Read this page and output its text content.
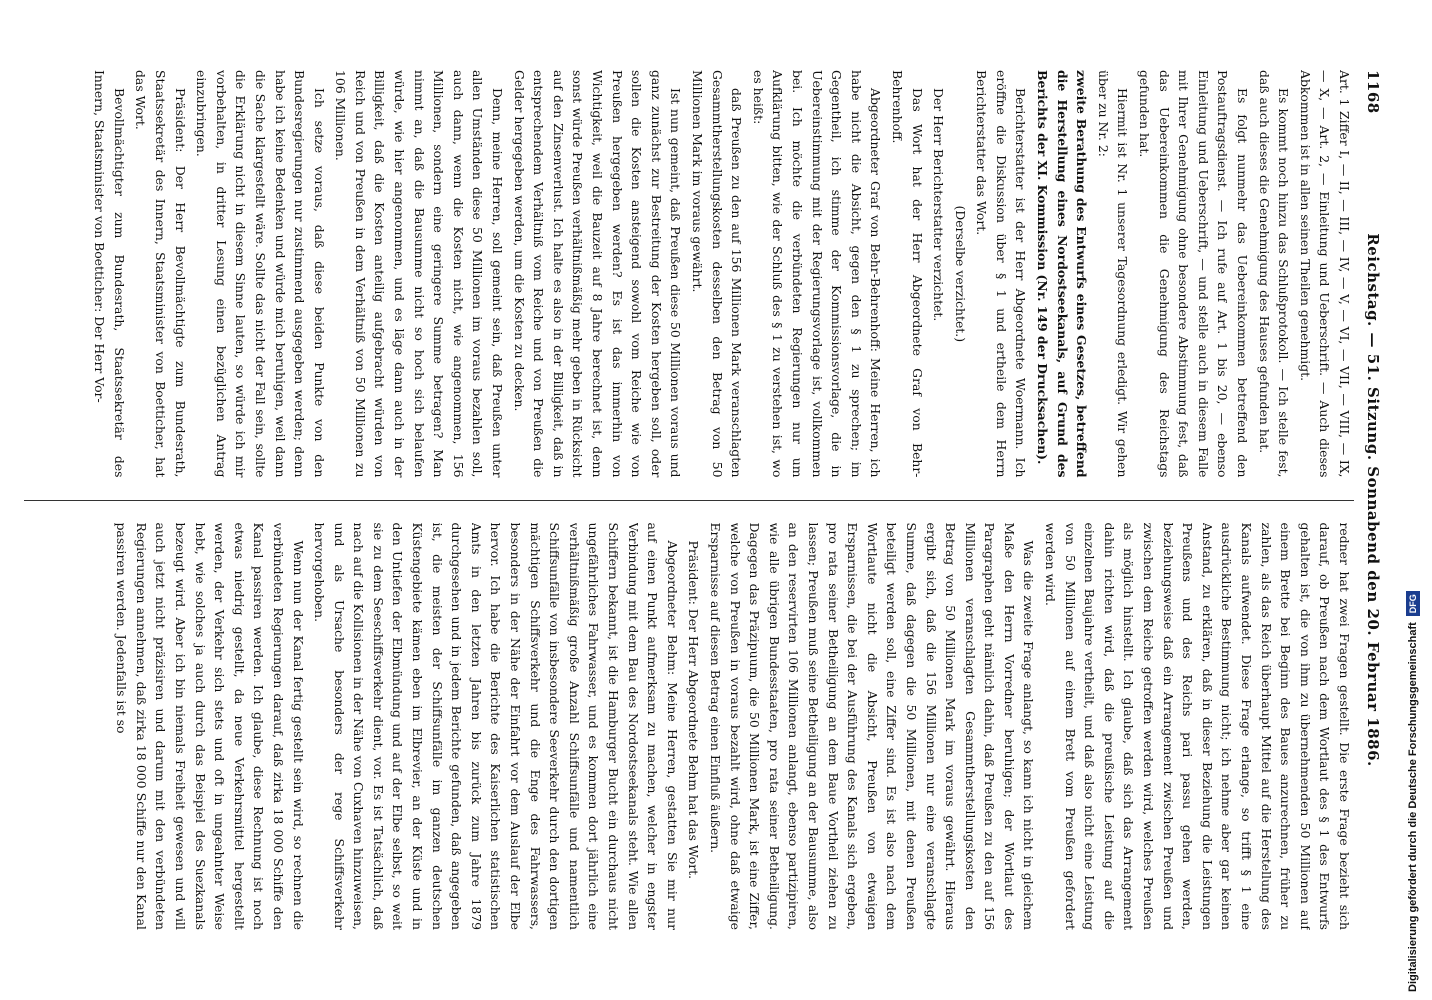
1168
Reichstag. — 51. Sitzung. Sonnabend den 20. Februar 1886.

Art. 1 Ziffer I, — II, — III, — IV, — V, — VI, — VII, — VIII, — IX, — X, — Art. 2, — Einleitung und Ueberschrift. — Auch dieses Abkommen ist in allen seinen Theilen genehmigt.

Es kommt noch hinzu das Schlußprotokoll. — Ich stelle fest, daß auch dieses die Genehmigung des Hauses gefunden hat.

Es folgt nunmehr das Uebereinkommen betreffend den Postauftragsdienst. — Ich rufe auf Art. 1 bis 20, — ebenso Einleitung und Ueberschrift, — und stelle auch in diesem Falle mit Ihrer Genehmigung ohne besondere Abstimmung fest, daß das Uebereinkommen die Genehmigung des Reichstags gefunden hat.

Hiermit ist Nr. 1 unserer Tagesordnung erledigt. Wir gehen über zu Nr. 2:

zweite Berathung des Entwurfs eines Gesetzes, betreffend die Herstellung eines Nordostseekanals, auf Grund des Berichts der XI. Kommission (Nr. 149 der Drucksachen).

Berichterstatter ist der Herr Abgeordnete Woermann. Ich eröffne die Diskussion über § 1 und ertheile dem Herrn Berichterstatter das Wort.

(Derselbe verzichtet.)

Der Herr Berichterstatter verzichtet.

Das Wort hat der Herr Abgeordnete Graf von Behr-Behrenhoff.

Abgeordneter Graf von Behr-Behrenhoff: Meine Herren, ich habe nicht die Absicht, gegen den § 1 zu sprechen; im Gegentheil, ich stimme der Kommissionsvorlage, die in Uebereinstimmung mit der Regierungsvorlage ist, vollkommen bei. Ich möchte die verbündeten Regierungen nur um Aufklärung bitten, wie der Schluß des § 1 zu verstehen ist, wo es heißt:

daß Preußen zu den auf 156 Millionen Mark veranschlagten Gesammtherstellungskosten desselben den Betrag von 50 Millionen Mark im voraus gewährt.

Ist nun gemeint, daß Preußen diese 50 Millionen voraus und ganz zunächst zur Bestreitung der Kosten hergeben soll, oder sollen die Kosten ansteigend sowohl vom Reiche wie von Preußen hergegeben werden? Es ist das immerhin von Wichtigkeit, weil die Bauzeit auf 8 Jahre berechnet ist, denn sonst würde Preußen verhältnißmäßig mehr geben in Rücksicht auf den Zinsenverlust. Ich halte es also in der Billigkeit, daß in entsprechendem Verhältniß vom Reiche und von Preußen die Gelder hergegeben werden, um die Kosten zu decken.

Denn, meine Herren, soll gemeint sein, daß Preußen unter allen Umständen diese 50 Millionen im voraus bezahlen soll, auch dann, wenn die Kosten nicht, wie angenommen, 156 Millionen, sondern eine geringere Summe betragen? Man nimmt an, daß die Bausumme nicht so hoch sich belaufen würde, wie hier angenommen, und es läge dann auch in der Billigkeit, daß die Kosten anteilig aufgebracht würden von Reich und von Preußen in dem Verhältniß von 50 Millionen zu 106 Millionen.

Ich setze voraus, daß diese beiden Punkte von den Bundesregierungen nur zustimmend ausgegeben werden; denn habe ich keine Bedenken und würde mich beruhigen, weil dann die Sache klargestellt wäre. Sollte das nicht der Fall sein, sollte die Erklärung nicht in diesem Sinne lauten, so würde ich mir vorbehalten, in dritter Lesung einen bezüglichen Antrag einzubringen.

Präsident: Der Herr Bevollmächtigte zum Bundesrath, Staatssekretär des Innern, Staatsminister von Boetticher, hat das Wort.

Bevollmächtigter zum Bundesrath, Staatssekretär des Innern, Staatsminister von Boetticher: Der Herr Vor-

redner hat zwei Fragen gestellt. Die erste Frage bezieht sich darauf, ob Preußen nach dem Wortlaut des § 1 des Entwurfs gehalten ist, die von ihm zu übernehmenden 50 Millionen auf einem Brette bei Beginn des Baues anzurechnen, früher zu zahlen, als das Reich überhaupt Mittel auf die Herstellung des Kanals aufwendet. Diese Frage erlange, so trifft § 1 eine ausdrückliche Bestimmung nicht; ich nehme aber gar keinen Anstand, zu erklären, daß in dieser Beziehung die Leistungen Preußens und des Reichs pari passu gehen werden, beziehungsweise daß ein Arrangement zwischen Preußen und zwischen dem Reiche getroffen werden wird, welches Preußen als möglich hinstellt. Ich glaube, daß sich das Arrangement dahin richten wird, daß die preußische Leistung auf die einzelnen Baujahre vertheilt, und daß also nicht eine Leistung von 50 Millionen auf einem Brett vom Preußen gefordert werden wird.

Was die zweite Frage anlangt, so kann ich nicht in gleichem Maße den Herrn Vorredner beruhigen; der Wortlaut des Paragraphen geht nämlich dahin, daß Preußen zu den auf 156 Millionen veranschlagten Gesammtherstellungskosten den Betrag von 50 Millionen Mark im voraus gewährt. Hieraus ergibt sich, daß die 156 Millionen nur eine veranschlagte Summe, daß dagegen die 50 Millionen, mit denen Preußen beteiligt werden soll, eine Ziffer sind. Es ist also nach dem Wortlaute nicht die Absicht, Preußen von etwaigen Ersparnissen, die bei der Ausführung des Kanals sich ergeben, pro rata seiner Betheiligung an dem Bauе Vortheil ziehen zu lassen; Preußen muß seine Betheiligung an der Bausumme, also an den reservirten 106 Millionen anlangt, ebenso partizipiren, wie alle übrigen Bundesstaaten, pro rata seiner Betheiligung. Dagegen das Präzipuum, die 50 Millionen Mark, ist eine Ziffer, welche von Preußen in voraus bezahlt wird, ohne daß etwaige Ersparnisse auf diesen Betrag einen Einfluß äußern.

Präsident: Der Herr Abgeordnete Behm hat das Wort.

Abgeordneter Behm: Meine Herren, gestatten Sie mir nur auf einen Punkt aufmerksam zu machen, welcher in engster Verbindung mit dem Bau des Nordostseekanals steht. Wie allen Schiffern bekannt, ist die Hamburger Bucht ein durchaus nicht ungefährliches Fahrwasser, und es kommen dort jährlich eine verhältnißmäßig große Anzahl Schiffsunfälle und namentlich Schiffsunfälle von insbesondere Seeverkehr durch den dortigen mächtigen Schiffsverkehr und die Enge des Fahrwassers, besonders in der Nähe der Einfahrt vor dem Auslauf der Elbe hervor. Ich habe die Berichte des Kaiserlichen statistischen Amts in den letzten Jahren bis zurück zum Jahre 1879 durchgesehen und in jedem Berichte gefunden, daß angegeben ist, die meisten der Schiffsunfälle im ganzen deutschen Küstengebiete kämen eben im Elbrevier, an der Küste und in den Untiefen der Elbmündung und auf der Elbe selbst, so weit sie zu dem Seeschiffsverkehr dient, vor. Es ist Tatsächlich, daß nach auf die Kollisionen in der Nähe von Cuxhaven hinzuweisen, und als Ursache besonders der rege Schiffsverkehr hervorgehoben.

Wenn nun der Kanal fertig gestellt sein wird, so rechnen die verbündeten Regierungen darauf, daß zirka 18 000 Schiffe den Kanal passiren werden. Ich glaube, diese Rechnung ist noch etwas niedrig gestellt, da neue Verkehrsmittel hergestellt werden, der Verkehr sich stets und oft in ungeahnter Weise hebt, wie solches ja auch durch das Beispiel des Suezkanals bezeugt wird. Aber ich bin niemals Freiheit gewesen und will auch jetzt nicht präzisiren und darum mit den verbündeten Regierungen annehmen, daß zirka 18 000 Schiffe nur den Kanal passiren werden. Jedenfalls ist so	Digitalisierung gefördert durch die Deutsche ForschungsgemeinschaftDFG
